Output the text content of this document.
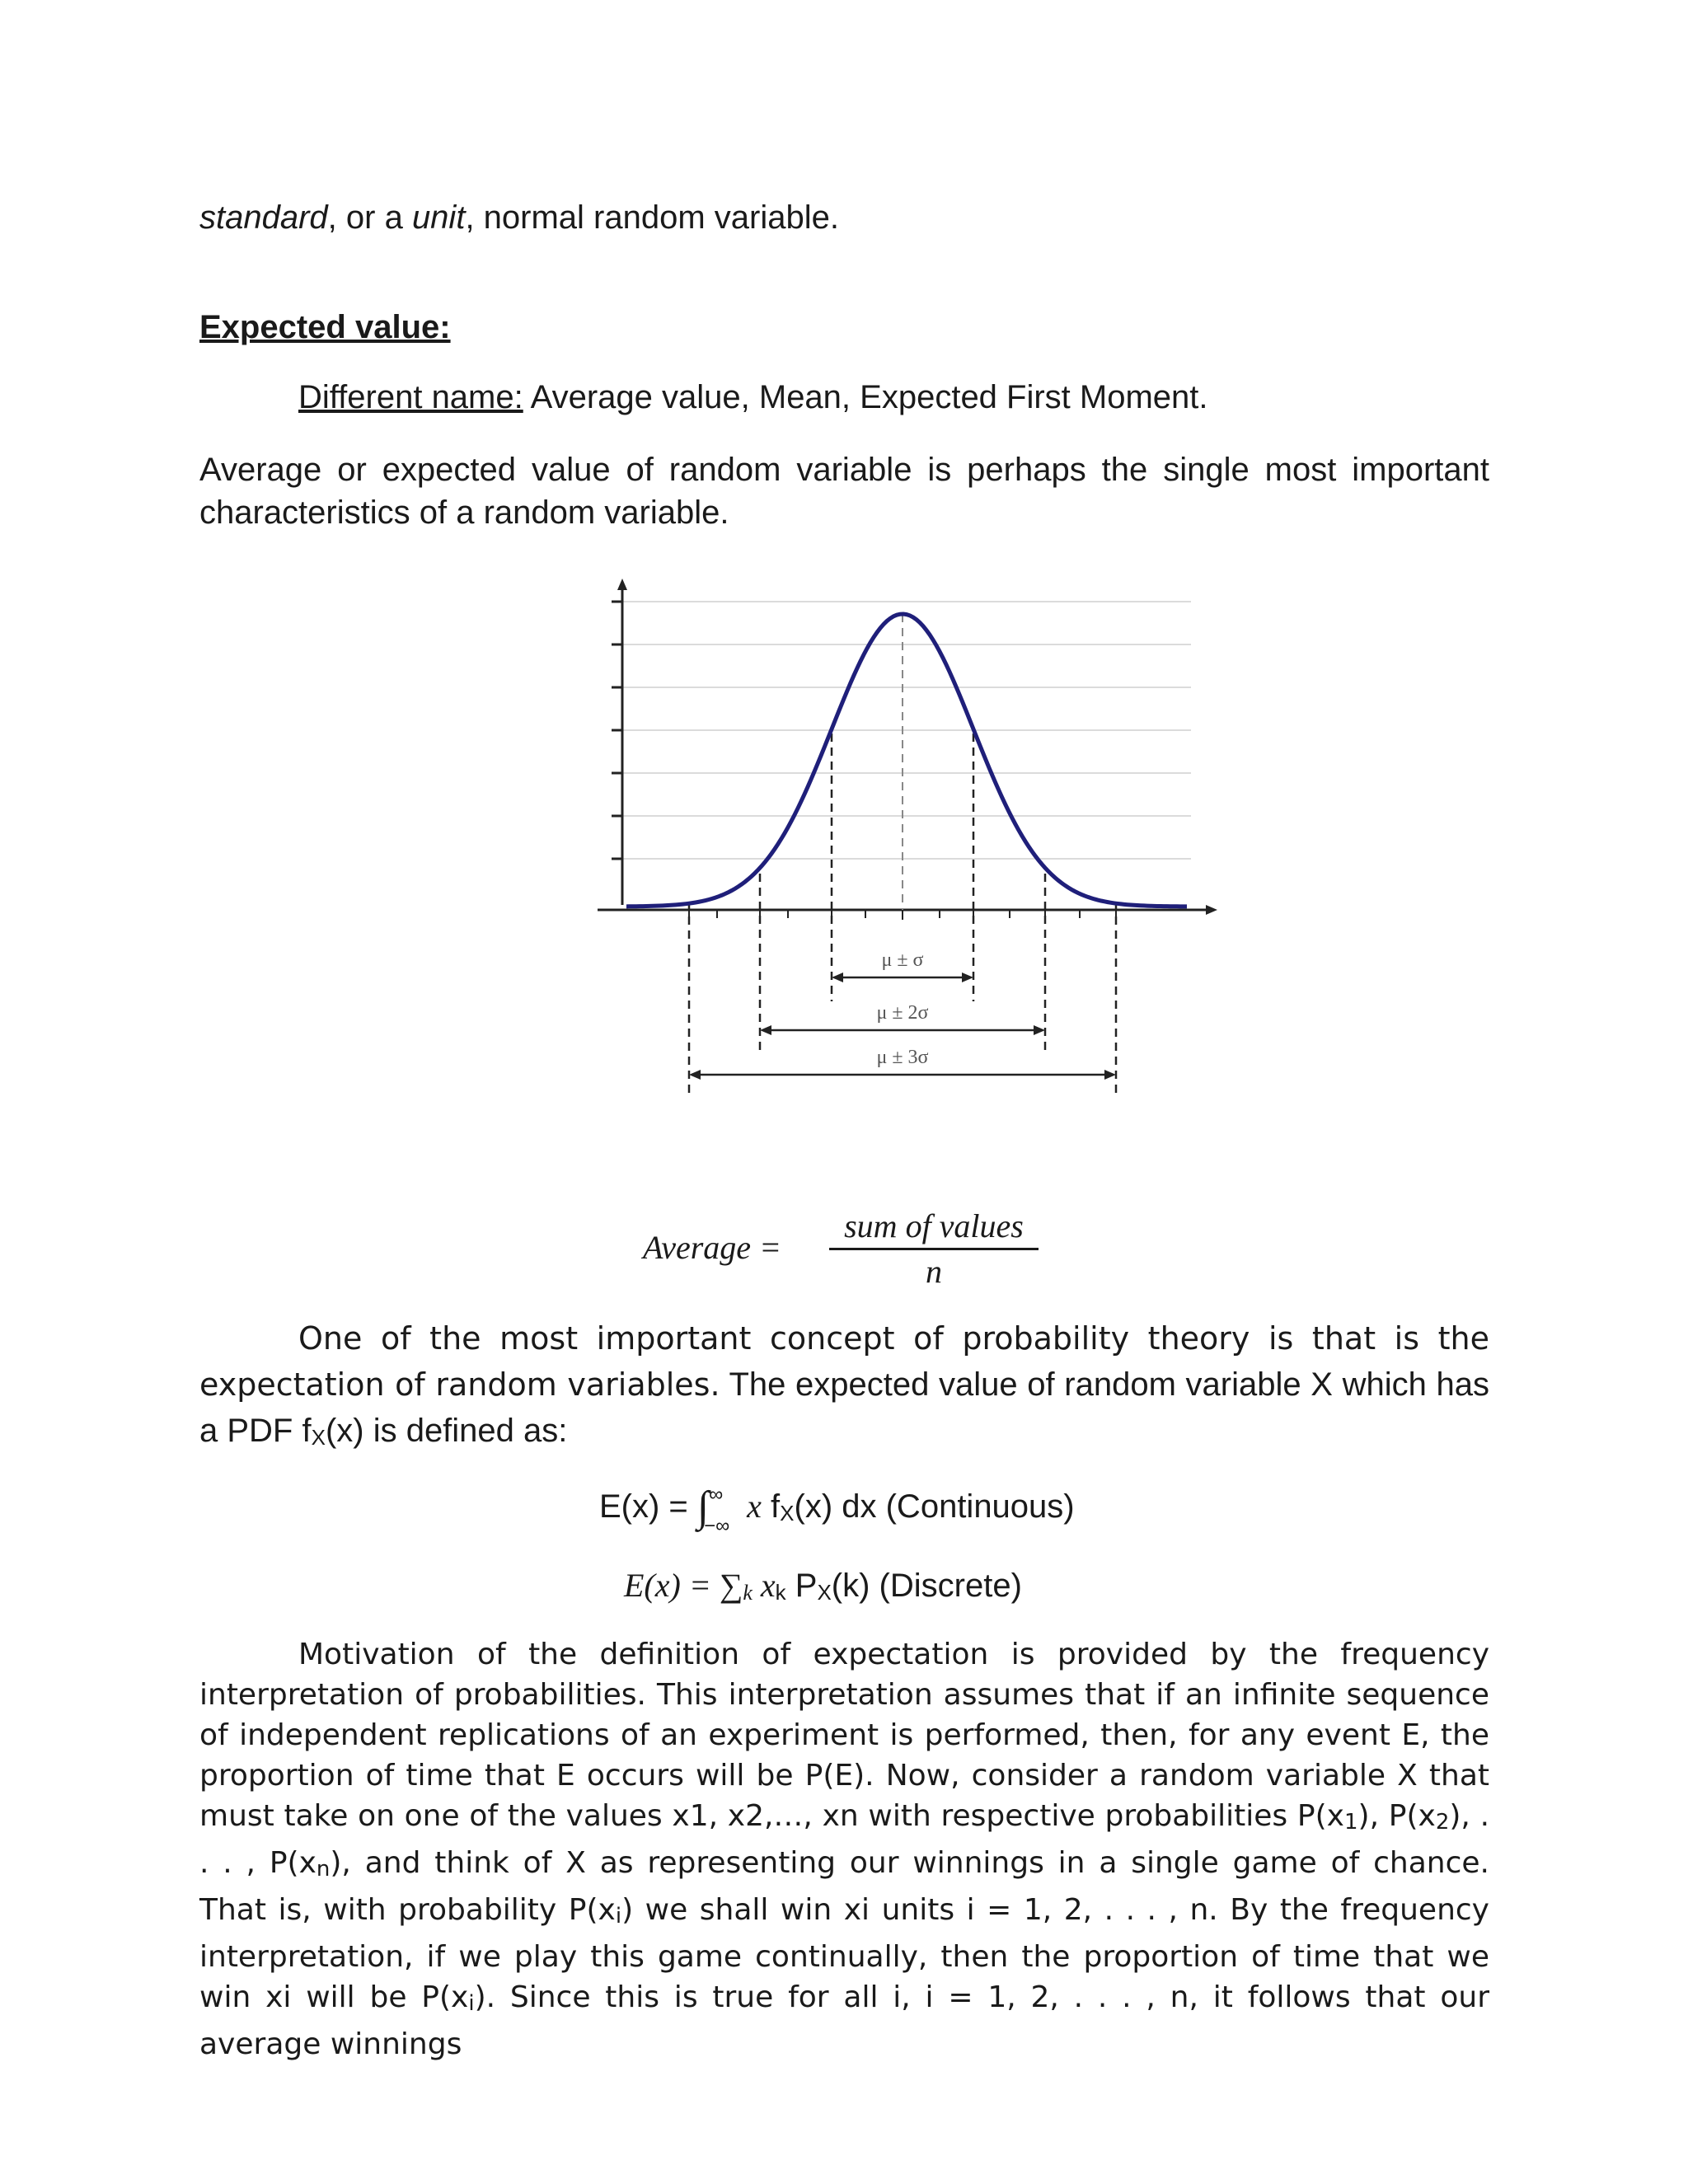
standard, or a unit, normal random variable.
Expected value:
Different name: Average value, Mean, Expected First Moment.
Average or expected value of random variable is perhaps the single most important characteristics of a random variable.
μ ± σ
μ ± 2σ
μ ± 3σ
Average =
sum of values
n
One of the most important concept of probability theory is that is the expectation of random variables. The expected value of random variable X which has a PDF fX(x) is defined as:
E(x) = ∫ ∞
−∞
x fX(x) dx (Continuous)
E(x) = ∑k xk PX(k) (Discrete)
Motivation of the definition of expectation is provided by the frequency interpretation of probabilities. This interpretation assumes that if an infinite sequence of independent replications of an experiment is performed, then, for any event E, the proportion of time that E occurs will be P(E). Now, consider a random variable X that must take on one of the values x1, x2,…, xn with respective probabilities P(x1), P(x2), . . . , P(xn), and think of X as representing our winnings in a single game of chance. That is, with probability P(xi) we shall win xi units i = 1, 2, . . . , n. By the frequency interpretation, if we play this game continually, then the proportion of time that we win xi will be P(xi). Since this is true for all i, i = 1, 2, . . . , n, it follows that our average winnings
